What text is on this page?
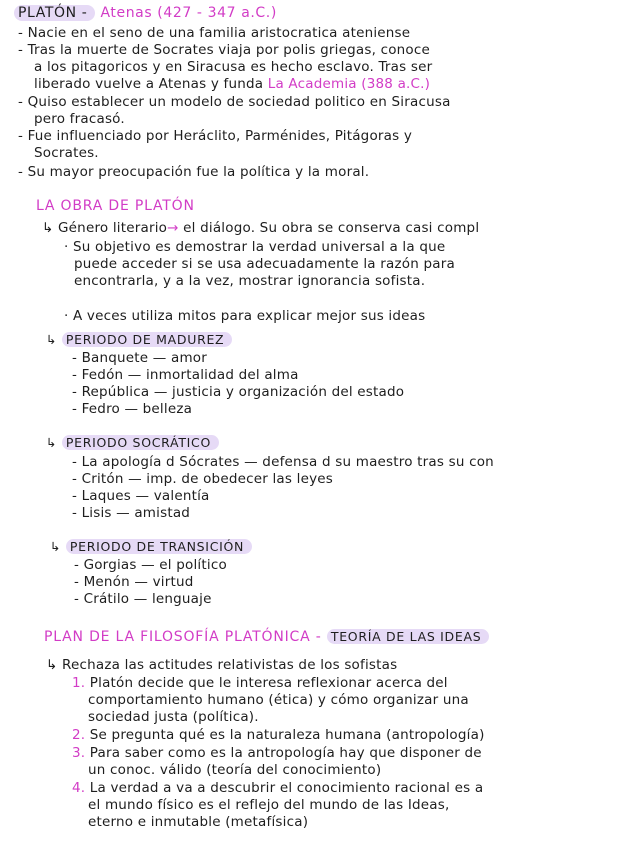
PLATÓN - Atenas (427 - 347 a.C.)
- Nacie en el seno de una familia aristocratica ateniense
- Tras la muerte de Socrates viaja por polis griegas, conoce
a los pitagoricos y en Siracusa es hecho esclavo. Tras ser
liberado vuelve a Atenas y funda La Academia (388 a.C.)
- Quiso establecer un modelo de sociedad politico en Siracusa
pero fracasó.
- Fue influenciado por Heráclito, Parménides, Pitágoras y
Socrates.
- Su mayor preocupación fue la política y la moral.
LA OBRA DE PLATÓN
↳ Género literario→ el diálogo. Su obra se conserva casi compl
· Su objetivo es demostrar la verdad universal a la que
puede acceder si se usa adecuadamente la razón para
encontrarla, y a la vez, mostrar ignorancia sofista.
· A veces utiliza mitos para explicar mejor sus ideas
↳ PERIODO DE MADUREZ
- Banquete — amor
- Fedón — inmortalidad del alma
- República — justicia y organización del estado
- Fedro — belleza
↳ PERIODO SOCRÁTICO
- La apología d Sócrates — defensa d su maestro tras su con
- Critón — imp. de obedecer las leyes
- Laques — valentía
- Lisis — amistad
↳ PERIODO DE TRANSICIÓN
- Gorgias — el político
- Menón — virtud
- Crátilo — lenguaje
PLAN DE LA FILOSOFÍA PLATÓNICA - TEORÍA DE LAS IDEAS
↳ Rechaza las actitudes relativistas de los sofistas
1. Platón decide que le interesa reflexionar acerca del
comportamiento humano (ética) y cómo organizar una
sociedad justa (política).
2. Se pregunta qué es la naturaleza humana (antropología)
3. Para saber como es la antropología hay que disponer de
un conoc. válido (teoría del conocimiento)
4. La verdad a va a descubrir el conocimiento racional es a
el mundo físico es el reflejo del mundo de las Ideas,
eterno e inmutable (metafísica)
